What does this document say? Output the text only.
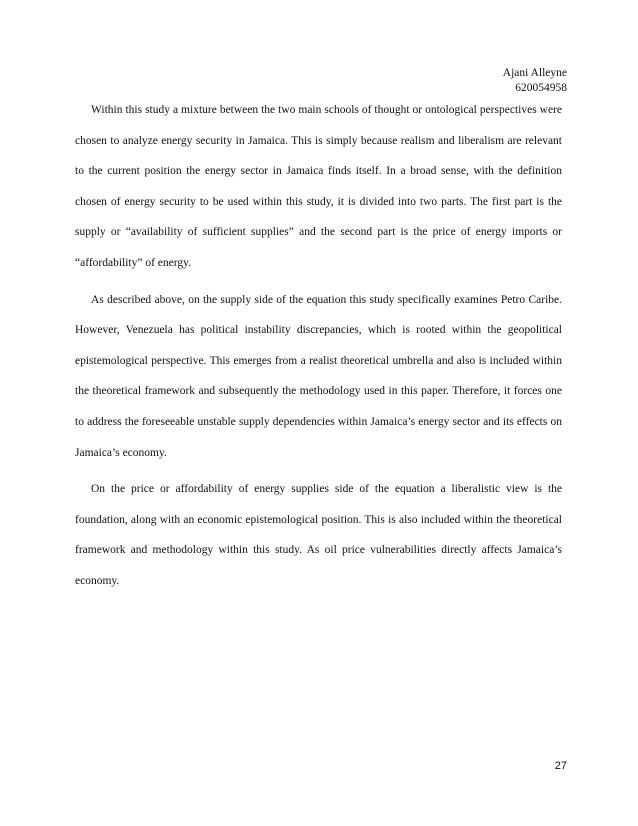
Ajani Alleyne
620054958

Within this study a mixture between the two main schools of thought or ontological perspectives were chosen to analyze energy security in Jamaica. This is simply because realism and liberalism are relevant to the current position the energy sector in Jamaica finds itself. In a broad sense, with the definition chosen of energy security to be used within this study, it is divided into two parts. The first part is the supply or “availability of sufficient supplies” and the second part is the price of energy imports or “affordability” of energy.

As described above, on the supply side of the equation this study specifically examines Petro Caribe. However, Venezuela has political instability discrepancies, which is rooted within the geopolitical epistemological perspective. This emerges from a realist theoretical umbrella and also is included within the theoretical framework and subsequently the methodology used in this paper. Therefore, it forces one to address the foreseeable unstable supply dependencies within Jamaica’s energy sector and its effects on Jamaica’s economy.

On the price or affordability of energy supplies side of the equation a liberalistic view is the foundation, along with an economic epistemological position. This is also included within the theoretical framework and methodology within this study. As oil price vulnerabilities directly affects Jamaica’s economy.

27
